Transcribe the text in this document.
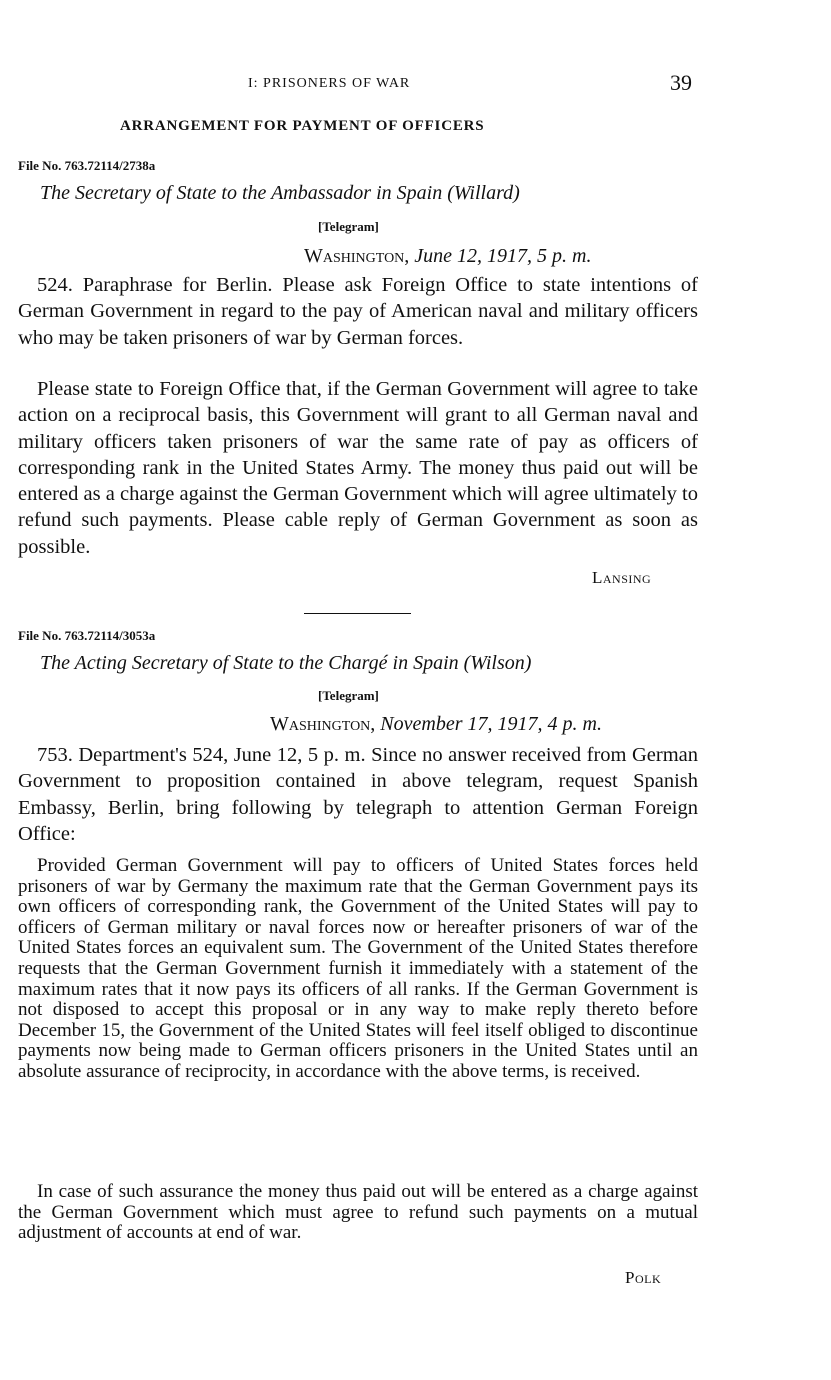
I: PRISONERS OF WAR	39
ARRANGEMENT FOR PAYMENT OF OFFICERS
File No. 763.72114/2738a
The Secretary of State to the Ambassador in Spain (Willard)
[Telegram]
Washington, June 12, 1917, 5 p. m.

524. Paraphrase for Berlin. Please ask Foreign Office to state intentions of German Government in regard to the pay of American naval and military officers who may be taken prisoners of war by German forces.

Please state to Foreign Office that, if the German Government will agree to take action on a reciprocal basis, this Government will grant to all German naval and military officers taken prisoners of war the same rate of pay as officers of corresponding rank in the United States Army. The money thus paid out will be entered as a charge against the German Government which will agree ultimately to refund such payments. Please cable reply of German Government as soon as possible.

Lansing
File No. 763.72114/3053a
The Acting Secretary of State to the Chargé in Spain (Wilson)
[Telegram]
Washington, November 17, 1917, 4 p. m.

753. Department's 524, June 12, 5 p. m. Since no answer received from German Government to proposition contained in above telegram, request Spanish Embassy, Berlin, bring following by telegraph to attention German Foreign Office:

Provided German Government will pay to officers of United States forces held prisoners of war by Germany the maximum rate that the German Government pays its own officers of corresponding rank, the Government of the United States will pay to officers of German military or naval forces now or hereafter prisoners of war of the United States forces an equivalent sum. The Government of the United States therefore requests that the German Government furnish it immediately with a statement of the maximum rates that it now pays its officers of all ranks. If the German Government is not disposed to accept this proposal or in any way to make reply thereto before December 15, the Government of the United States will feel itself obliged to discontinue payments now being made to German officers prisoners in the United States until an absolute assurance of reciprocity, in accordance with the above terms, is received.

In case of such assurance the money thus paid out will be entered as a charge against the German Government which must agree to refund such payments on a mutual adjustment of accounts at end of war.

Polk
